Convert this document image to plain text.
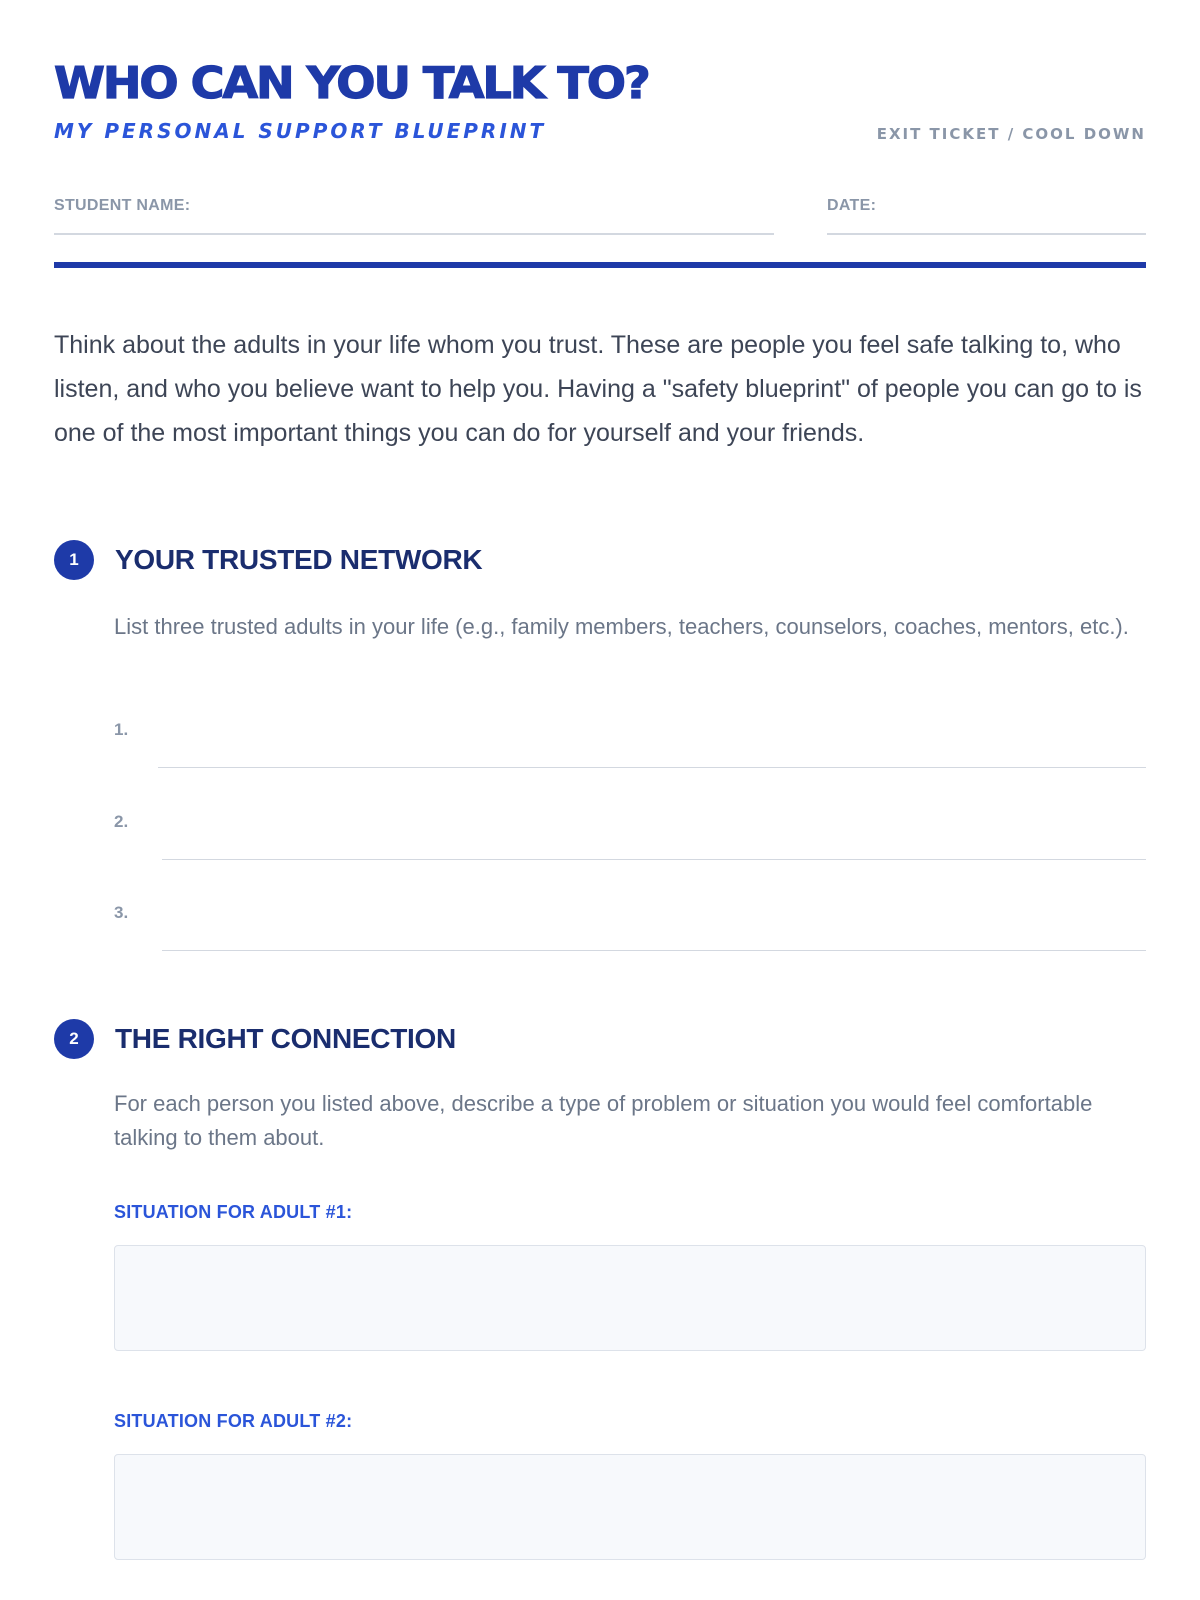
WHO CAN YOU TALK TO?
MY PERSONAL SUPPORT BLUEPRINT	EXIT TICKET / COOL DOWN
STUDENT NAME:	DATE:

Think about the adults in your life whom you trust. These are people you feel safe talking to, who listen, and who you believe want to help you. Having a "safety blueprint" of people you can go to is one of the most important things you can do for yourself and your friends.

1	YOUR TRUSTED NETWORK

List three trusted adults in your life (e.g., family members, teachers, counselors, coaches, mentors, etc.).

1.
2.
3.
2	THE RIGHT CONNECTION

For each person you listed above, describe a type of problem or situation you would feel comfortable talking to them about.

SITUATION FOR ADULT #1:
SITUATION FOR ADULT #2:
